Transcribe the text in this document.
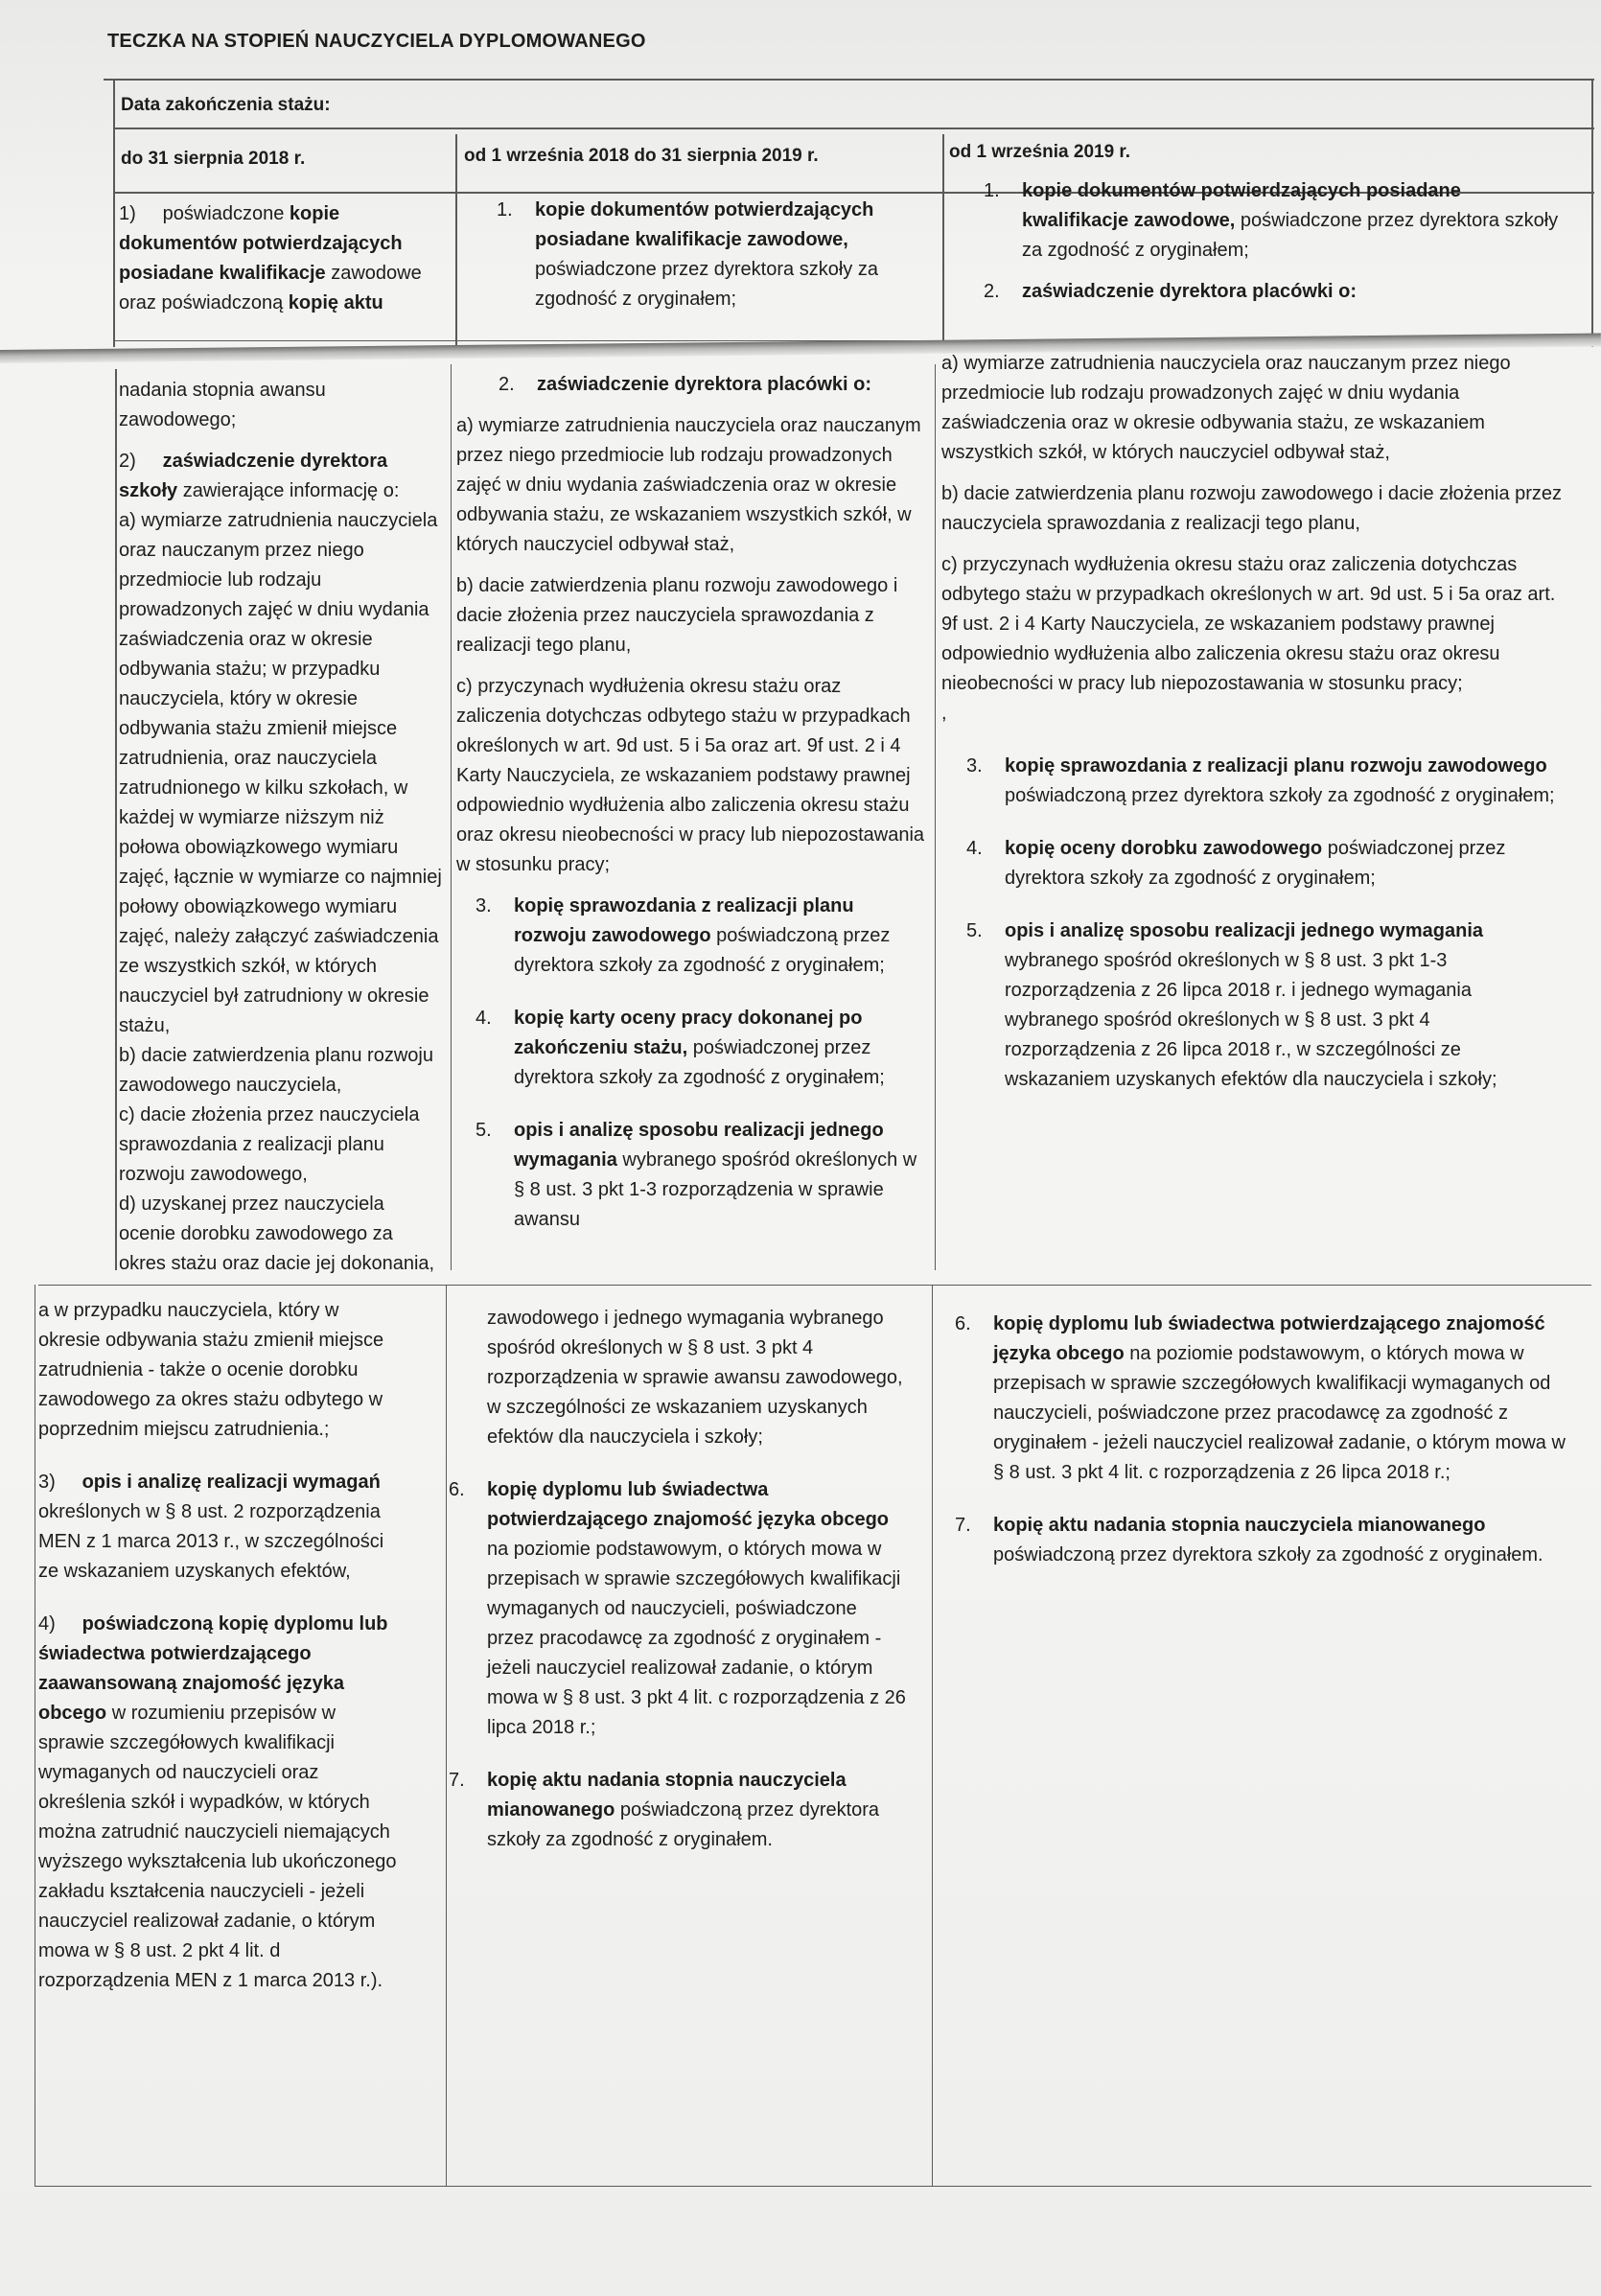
TECZKA NA STOPIEŃ NAUCZYCIELA DYPLOMOWANEGO
Data zakończenia stażu:
do 31 sierpnia 2018 r.	od 1 września 2018 do 31 sierpnia 2019 r.	od 1 września 2019 r.
1) poświadczone kopie dokumentów potwierdzających posiadane kwalifikacje zawodowe oraz poświadczoną kopię aktu

nadania stopnia awansu zawodowego;

2) zaświadczenie dyrektora szkoły zawierające informację o:

a) wymiarze zatrudnienia nauczyciela oraz nauczanym przez niego przedmiocie lub rodzaju prowadzonych zajęć w dniu wydania zaświadczenia oraz w okresie odbywania stażu; w przypadku nauczyciela, który w okresie odbywania stażu zmienił miejsce zatrudnienia, oraz nauczyciela zatrudnionego w kilku szkołach, w każdej w wymiarze niższym niż połowa obowiązkowego wymiaru zajęć, łącznie w wymiarze co najmniej połowy obowiązkowego wymiaru zajęć, należy załączyć zaświadczenia ze wszystkich szkół, w których nauczyciel był zatrudniony w okresie stażu,

b) dacie zatwierdzenia planu rozwoju zawodowego nauczyciela,

c) dacie złożenia przez nauczyciela sprawozdania z realizacji planu rozwoju zawodowego,

d) uzyskanej przez nauczyciela ocenie dorobku zawodowego za okres stażu oraz dacie jej dokonania,

a w przypadku nauczyciela, który w okresie odbywania stażu zmienił miejsce zatrudnienia - także o ocenie dorobku zawodowego za okres stażu odbytego w poprzednim miejscu zatrudnienia.;

3) opis i analizę realizacji wymagań określonych w § 8 ust. 2 rozporządzenia MEN z 1 marca 2013 r., w szczególności ze wskazaniem uzyskanych efektów,

4) poświadczoną kopię dyplomu lub świadectwa potwierdzającego zaawansowaną znajomość języka obcego w rozumieniu przepisów w sprawie szczegółowych kwalifikacji wymaganych od nauczycieli oraz określenia szkół i wypadków, w których można zatrudnić nauczycieli niemających wyższego wykształcenia lub ukończonego zakładu kształcenia nauczycieli - jeżeli nauczyciel realizował zadanie, o którym mowa w § 8 ust. 2 pkt 4 lit. d rozporządzenia MEN z 1 marca 2013 r.).

1. kopie dokumentów potwierdzających posiadane kwalifikacje zawodowe, poświadczone przez dyrektora szkoły za zgodność z oryginałem;
2. zaświadczenie dyrektora placówki o:

a) wymiarze zatrudnienia nauczyciela oraz nauczanym przez niego przedmiocie lub rodzaju prowadzonych zajęć w dniu wydania zaświadczenia oraz w okresie odbywania stażu, ze wskazaniem wszystkich szkół, w których nauczyciel odbywał staż,

b) dacie zatwierdzenia planu rozwoju zawodowego i dacie złożenia przez nauczyciela sprawozdania z realizacji tego planu,

c) przyczynach wydłużenia okresu stażu oraz zaliczenia dotychczas odbytego stażu w przypadkach określonych w art. 9d ust. 5 i 5a oraz art. 9f ust. 2 i 4 Karty Nauczyciela, ze wskazaniem podstawy prawnej odpowiednio wydłużenia albo zaliczenia okresu stażu oraz okresu nieobecności w pracy lub niepozostawania w stosunku pracy;

3. kopię sprawozdania z realizacji planu rozwoju zawodowego poświadczoną przez dyrektora szkoły za zgodność z oryginałem;
4. kopię karty oceny pracy dokonanej po zakończeniu stażu, poświadczonej przez dyrektora szkoły za zgodność z oryginałem;
5. opis i analizę sposobu realizacji jednego wymagania wybranego spośród określonych w § 8 ust. 3 pkt 1-3 rozporządzenia w sprawie awansu

zawodowego i jednego wymagania wybranego spośród określonych w § 8 ust. 3 pkt 4 rozporządzenia w sprawie awansu zawodowego, w szczególności ze wskazaniem uzyskanych efektów dla nauczyciela i szkoły;

6. kopię dyplomu lub świadectwa potwierdzającego znajomość języka obcego na poziomie podstawowym, o których mowa w przepisach w sprawie szczegółowych kwalifikacji wymaganych od nauczycieli, poświadczone przez pracodawcę za zgodność z oryginałem - jeżeli nauczyciel realizował zadanie, o którym mowa w § 8 ust. 3 pkt 4 lit. c rozporządzenia z 26 lipca 2018 r.;
7. kopię aktu nadania stopnia nauczyciela mianowanego poświadczoną przez dyrektora szkoły za zgodność z oryginałem.
1. kopie dokumentów potwierdzających posiadane kwalifikacje zawodowe, poświadczone przez dyrektora szkoły za zgodność z oryginałem;
2. zaświadczenie dyrektora placówki o:

a) wymiarze zatrudnienia nauczyciela oraz nauczanym przez niego przedmiocie lub rodzaju prowadzonych zajęć w dniu wydania zaświadczenia oraz w okresie odbywania stażu, ze wskazaniem wszystkich szkół, w których nauczyciel odbywał staż,

b) dacie zatwierdzenia planu rozwoju zawodowego i dacie złożenia przez nauczyciela sprawozdania z realizacji tego planu,

c) przyczynach wydłużenia okresu stażu oraz zaliczenia dotychczas odbytego stażu w przypadkach określonych w art. 9d ust. 5 i 5a oraz art. 9f ust. 2 i 4 Karty Nauczyciela, ze wskazaniem podstawy prawnej odpowiednio wydłużenia albo zaliczenia okresu stażu oraz okresu nieobecności w pracy lub niepozostawania w stosunku pracy;

,

3. kopię sprawozdania z realizacji planu rozwoju zawodowego poświadczoną przez dyrektora szkoły za zgodność z oryginałem;
4. kopię oceny dorobku zawodowego poświadczonej przez dyrektora szkoły za zgodność z oryginałem;
5. opis i analizę sposobu realizacji jednego wymagania wybranego spośród określonych w § 8 ust. 3 pkt 1-3 rozporządzenia z 26 lipca 2018 r. i jednego wymagania wybranego spośród określonych w § 8 ust. 3 pkt 4 rozporządzenia z 26 lipca 2018 r., w szczególności ze wskazaniem uzyskanych efektów dla nauczyciela i szkoły;
6. kopię dyplomu lub świadectwa potwierdzającego znajomość języka obcego na poziomie podstawowym, o których mowa w przepisach w sprawie szczegółowych kwalifikacji wymaganych od nauczycieli, poświadczone przez pracodawcę za zgodność z oryginałem - jeżeli nauczyciel realizował zadanie, o którym mowa w § 8 ust. 3 pkt 4 lit. c rozporządzenia z 26 lipca 2018 r.;
7. kopię aktu nadania stopnia nauczyciela mianowanego poświadczoną przez dyrektora szkoły za zgodność z oryginałem.
